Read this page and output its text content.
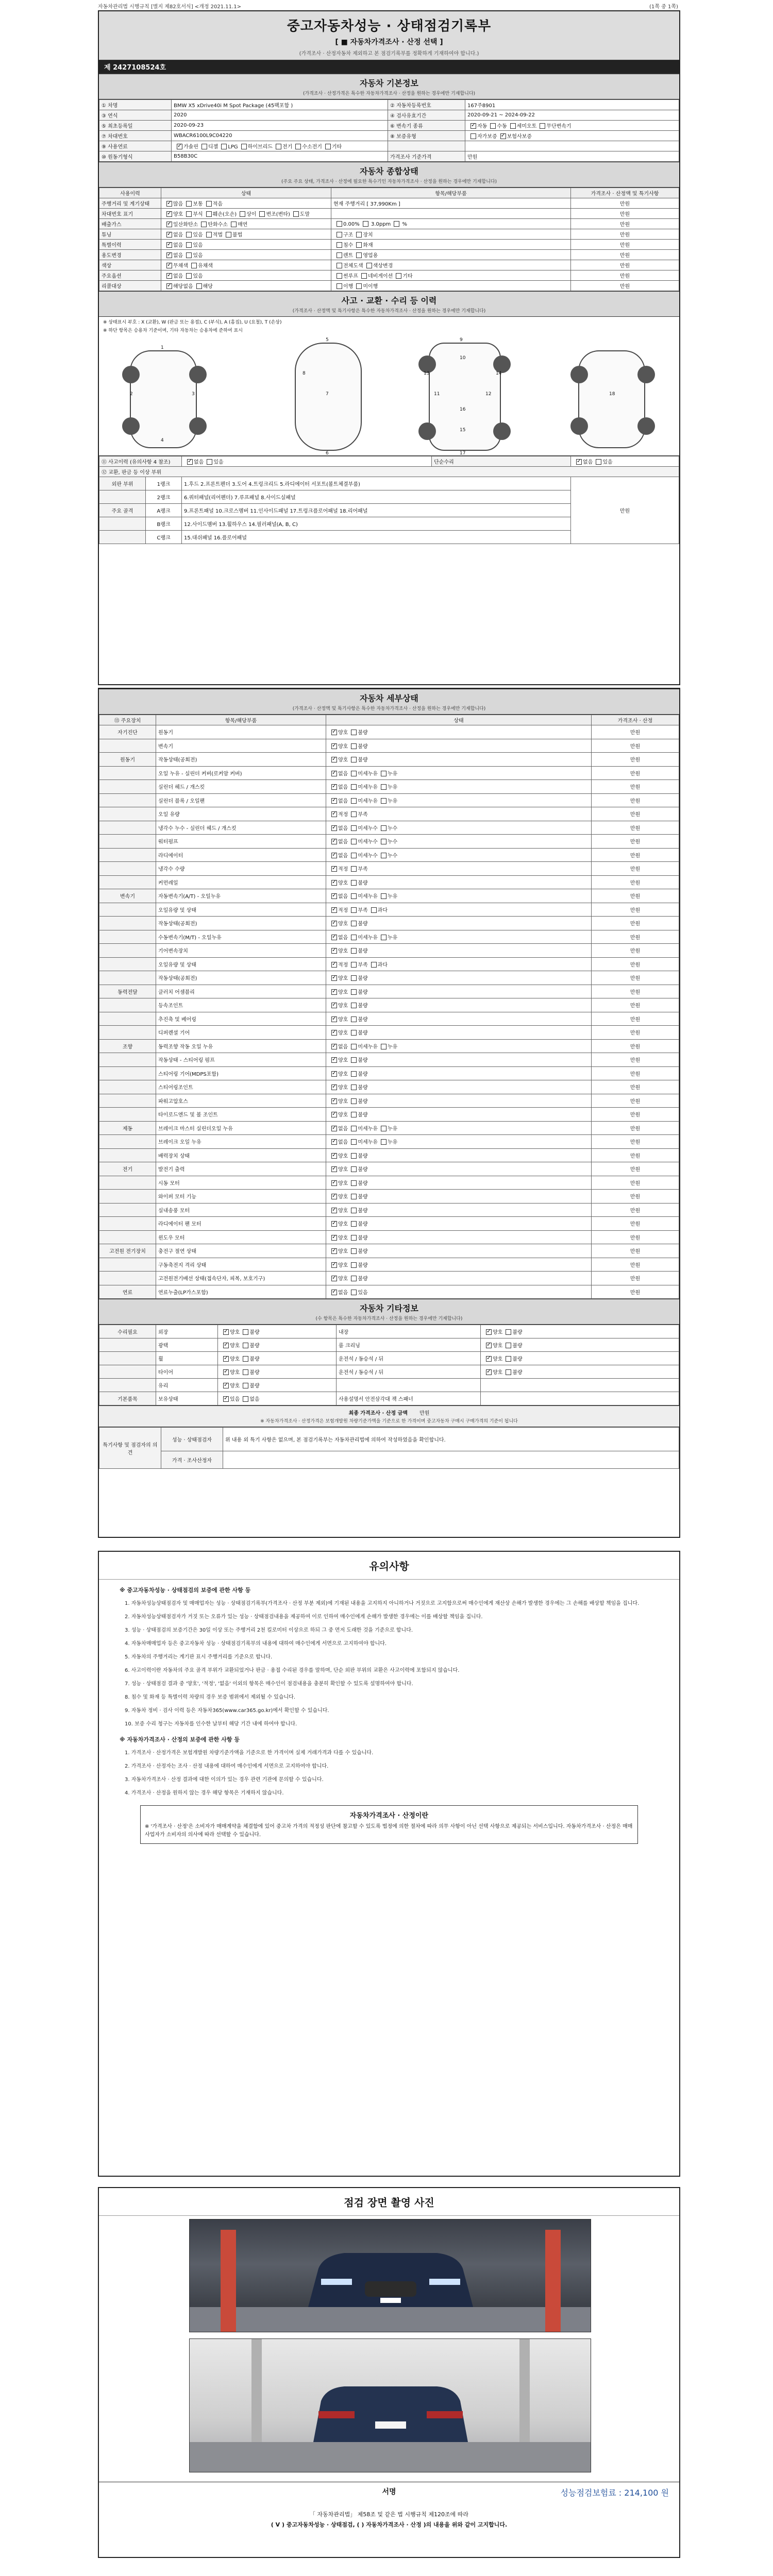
자동차관리법 시행규칙 [별지 제82호서식] <개정 2021.11.1>	(1쪽 중 1쪽)
중고자동차성능 · 상태점검기록부
[ ■ 자동차가격조사 · 산정 선택 ]
(가격조사 · 산정자동차 제외하고 본 점검기록부를 정확하게 기재하여야 합니다.)
제 2427108524호
자동차 기본정보
(가격조사 · 산정가격은 특수한 자동차가격조사 · 산정을 원하는 경우에만 기재합니다)
① 차명	BMW X5 xDrive40i M Spot Package (45팩포함 )	② 자동차등록번호	167주8901
③ 연식	2020	④ 검사유효기간	2020-09-21 ~ 2024-09-22
⑤ 최초등록일	2020-09-23	⑥ 변속기 종류	✓자동 수동 세미오토 무단변속기
⑦ 차대번호	WBACR6100L9C04220	⑧ 보증유형	자가보증 ✓ 보험사보증
⑨ 사용연료	✓가솔린 디젤 LPG 하이브리드 전기 수소전기 기타		
⑩ 원동기형식	B58B30C	가격조사 기준가격	만원
자동차 종합상태
(주요 주요 상태, 가격조사 · 산정에 필요한 특수기인 자동차가격조사 · 산정을 원하는 경우에만 기재합니다)
사용이력	상태	항목/해당부품	가격조사 · 산정액 및 특기사항
주행거리 및 계기상태	✓많음 보통 적음	현재 주행거리 [ 37,990Km ]	만원
차대번호 표기	✓양호 부식 훼손(오손) 상이 변조(변타) 도말		만원
배출가스	✓일산화탄소 탄화수소 매연	0.00% 3.0ppm %	만원
튜닝	✓없음 있음 적법 불법	구조 장치	만원
특별이력	✓없음 있음	침수 화재	만원
용도변경	✓없음 있음	렌트 영업용	만원
색상	✓무채색 유채색	전체도색 색상변경	만원
주요옵션	✓없음 있음	썬루프 네비게이션 기타	만원
리콜대상	✓해당없음 해당	이행 미이행	만원
사고 · 교환 · 수리 등 이력
(가격조사 · 산정액 및 특기사항은 특수한 자동차가격조사 · 산정을 원하는 경우에만 기재합니다)
※ 상태표시 부호 : X (교환), W (판금 또는 용접), C (부식), A (흠집), U (요철), T (손상)
※ 하단 항목은 승용차 기준이며, 기타 자동차는 승용차에 준하여 표시
1
2	3
4
5
6
7
8
9
10
11	12
13	14
15
16
17
18
⑪ 사고이력 (유의사항 4 참조)	✓없음 있음	단순수리	✓없음 있음
⑫ 교환, 판금 등 이상 부위				
외판 부위	1랭크	1.후드 2.프론트펜더 3.도어 4.트렁크리드 5.라디에이터 서포트(볼트체결부품)		만원
	2랭크	6.쿼터패널(리어펜더) 7.루프패널 8.사이드실패널		
주요 골격	A랭크	9.프론트패널 10.크로스멤버 11.인사이드패널 17.트렁크플로어패널 18.리어패널		
	B랭크	12.사이드멤버 13.휠하우스 14.필러패널(A, B, C)		
	C랭크	15.대쉬패널 16.플로어패널		
자동차 세부상태
(가격조사 · 산정액 및 특기사항은 특수한 자동차가격조사 · 산정을 원하는 경우에만 기재합니다)
⑬ 주요장치	항목/해당부품	상태	가격조사 · 산정
자기진단	원동기	✓양호 불량	만원
	변속기	✓양호 불량	만원
원동기	작동상태(공회전)	✓양호 불량	만원
	오일 누유 - 실린더 커버(로커암 커버)	✓없음 미세누유 누유	만원
	실린더 헤드 / 개스킷	✓없음 미세누유 누유	만원
	실린더 블록 / 오일팬	✓없음 미세누유 누유	만원
	오일 유량	✓적정 부족	만원
	냉각수 누수 - 실린더 헤드 / 개스킷	✓없음 미세누수 누수	만원
	워터펌프	✓없음 미세누수 누수	만원
	라디에이터	✓없음 미세누수 누수	만원
	냉각수 수량	✓적정 부족	만원
	커먼레일	✓양호 불량	만원
변속기	자동변속기(A/T) - 오일누유	✓없음 미세누유 누유	만원
	오일유량 및 상태	✓적정 부족 과다	만원
	작동상태(공회전)	✓양호 불량	만원
	수동변속기(M/T) - 오일누유	✓없음 미세누유 누유	만원
	기어변속장치	✓양호 불량	만원
	오일유량 및 상태	✓적정 부족 과다	만원
	작동상태(공회전)	✓양호 불량	만원
동력전달	클러치 어셈블리	✓양호 불량	만원
	등속조인트	✓양호 불량	만원
	추진축 및 베어링	✓양호 불량	만원
	디퍼렌셜 기어	✓양호 불량	만원
조향	동력조향 작동 오일 누유	✓없음 미세누유 누유	만원
	작동상태 - 스티어링 펌프	✓양호 불량	만원
	스티어링 기어(MDPS포함)	✓양호 불량	만원
	스티어링조인트	✓양호 불량	만원
	파워고압호스	✓양호 불량	만원
	타이로드엔드 및 볼 조인트	✓양호 불량	만원
제동	브레이크 마스터 실린더오일 누유	✓없음 미세누유 누유	만원
	브레이크 오일 누유	✓없음 미세누유 누유	만원
	배력장치 상태	✓양호 불량	만원
전기	발전기 출력	✓양호 불량	만원
	시동 모터	✓양호 불량	만원
	와이퍼 모터 기능	✓양호 불량	만원
	실내송풍 모터	✓양호 불량	만원
	라디에이터 팬 모터	✓양호 불량	만원
	윈도우 모터	✓양호 불량	만원
고전원 전기장치	충전구 절연 상태	✓양호 불량	만원
	구동축전지 격리 상태	✓양호 불량	만원
	고전원전기배선 상태(접속단자, 피복, 보호기구)	✓양호 불량	만원
연료	연료누출(LP가스포함)	✓없음 있음	만원
자동차 기타정보
(수 항목은 특수한 자동차가격조사 · 산정을 원하는 경우에만 기재합니다)
수리필요	외장	✓양호 불량	내장	✓양호 불량
	광택	✓양호 불량	룸 크리닝	✓양호 불량
	휠	✓양호 불량	운전석 / 동승석 / 뒤	✓양호 불량
	타이어	✓양호 불량	운전석 / 동승석 / 뒤	✓양호 불량
	유리	✓양호 불량		
기본품목	보유상태	✓있음 없음	사용설명서 안전삼각대 잭 스패너	
최종 가격조사 · 산정 금액 만원
※ 자동차가격조사 · 산정가격은 보험개발원 차량기준가액을 기준으로 한 가격이며 중고자동차 구매시 구매가격의 기준이 됩니다
특기사항 및 점검자의 의견	성능 · 상태점검자	위 내용 외 특기 사항은 없으며, 본 점검기록부는 자동차관리법에 의하여 작성하였음을 확인합니다.
	가격 · 조사산정자	
유의사항
※ 중고자동차성능 · 상태점검의 보증에 관한 사항 등
1. 자동차성능상태점검자 및 매매업자는 성능 · 상태점검기록부(가격조사 · 산정 부분 제외)에 기재된 내용을 고지하지 아니하거나 거짓으로 고지함으로써 매수인에게 재산상 손해가 발생한 경우에는 그 손해를 배상할 책임을 집니다.
2. 자동차성능상태점검자가 거짓 또는 오류가 있는 성능 · 상태점검내용을 제공하여 이로 인하여 매수인에게 손해가 발생한 경우에는 이를 배상할 책임을 집니다.
3. 성능 · 상태점검의 보증기간은 30일 이상 또는 주행거리 2천 킬로미터 이상으로 하되 그 중 먼저 도래한 것을 기준으로 합니다.
4. 자동차매매업자 등은 중고자동차 성능 · 상태점검기록부의 내용에 대하여 매수인에게 서면으로 고지하여야 합니다.
5. 자동차의 주행거리는 계기판 표시 주행거리를 기준으로 합니다.
6. 사고이력이란 자동차의 주요 골격 부위가 교환되었거나 판금 · 용접 수리된 경우를 말하며, 단순 외판 부위의 교환은 사고이력에 포함되지 않습니다.
7. 성능 · 상태점검 결과 중 '양호', '적정', '없음' 이외의 항목은 매수인이 점검내용을 충분히 확인할 수 있도록 설명하여야 합니다.
8. 침수 및 화재 등 특별이력 차량의 경우 보증 범위에서 제외될 수 있습니다.
9. 자동차 정비 · 검사 이력 등은 자동차365(www.car365.go.kr)에서 확인할 수 있습니다.
10. 보증 수리 청구는 자동차를 인수한 날부터 해당 기간 내에 하여야 합니다.
※ 자동차가격조사 · 산정의 보증에 관한 사항 등
1. 가격조사 · 산정가격은 보험개발원 차량기준가액을 기준으로 한 가격이며 실제 거래가격과 다를 수 있습니다.
2. 가격조사 · 산정자는 조사 · 산정 내용에 대하여 매수인에게 서면으로 고지하여야 합니다.
3. 자동차가격조사 · 산정 결과에 대한 이의가 있는 경우 관련 기관에 문의할 수 있습니다.
4. 가격조사 · 산정을 원하지 않는 경우 해당 항목은 기재하지 않습니다.
자동차가격조사 · 산정이란
※ '가격조사 · 산정'은 소비자가 매매계약을 체결함에 있어 중고차 가격의 적정성 판단에 참고할 수 있도록 법정에 의한 절차에 따라 의무 사항이 아닌 선택 사항으로 제공되는 서비스입니다. 자동차가격조사 · 산정은 매매사업자가 소비자의 의사에 따라 선택할 수 있습니다.
점검 장면 촬영 사진
서명	성능점검보험료 : 214,100 원
「 자동차관리법」 제58조 및 같은 법 시행규칙 제120조에 따라
( V ) 중고자동차성능 · 상태점검, ( ) 자동차가격조사 · 산정 )의 내용을 위와 같이 고지합니다.
